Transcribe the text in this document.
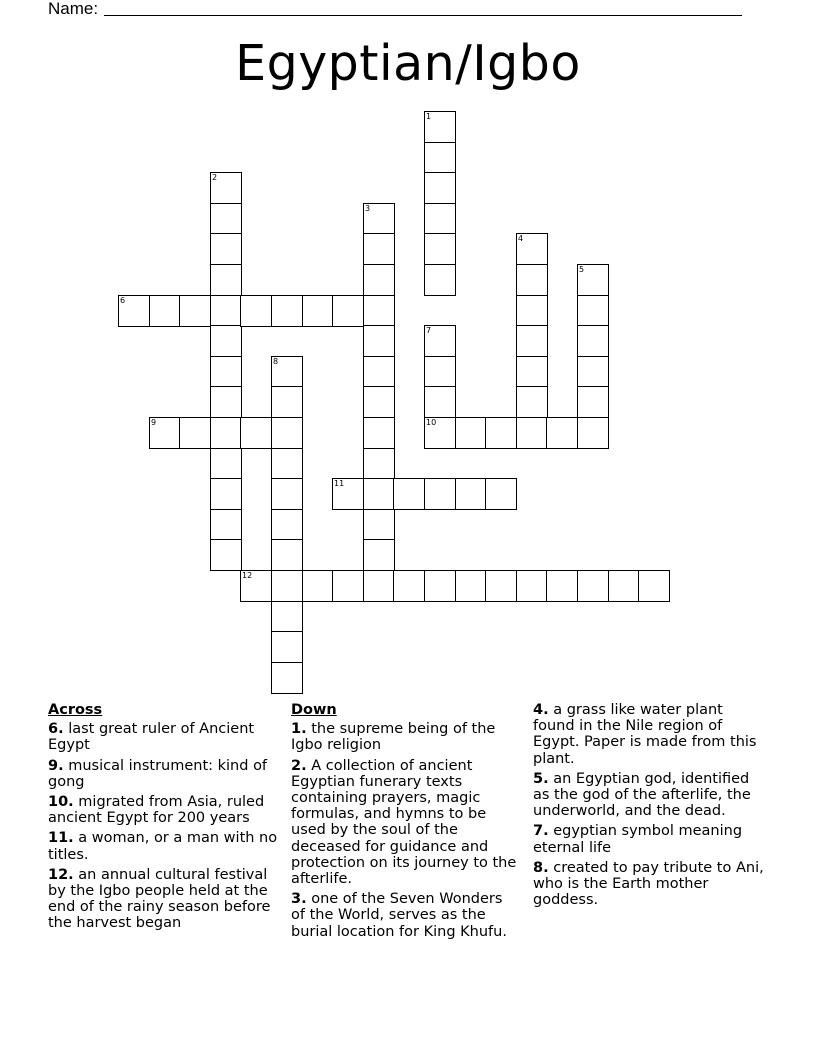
Name:
Egyptian/Igbo
1
2
3
4
5
6
7
10
8
9
11
12
Across
6. last great ruler of Ancient Egypt
9. musical instrument: kind of gong
10. migrated from Asia, ruled ancient Egypt for 200 years
11. a woman, or a man with no titles.
12. an annual cultural festival by the Igbo people held at the end of the rainy season before the harvest began
Down
1. the supreme being of the Igbo religion
2. A collection of ancient Egyptian funerary texts containing prayers, magic formulas, and hymns to be used by the soul of the deceased for guidance and protection on its journey to the afterlife.
3. one of the Seven Wonders of the World, serves as the burial location for King Khufu.
4. a grass like water plant found in the Nile region of Egypt. Paper is made from this plant.
5. an Egyptian god, identified as the god of the afterlife, the underworld, and the dead.
7. egyptian symbol meaning eternal life
8. created to pay tribute to Ani, who is the Earth mother goddess.
